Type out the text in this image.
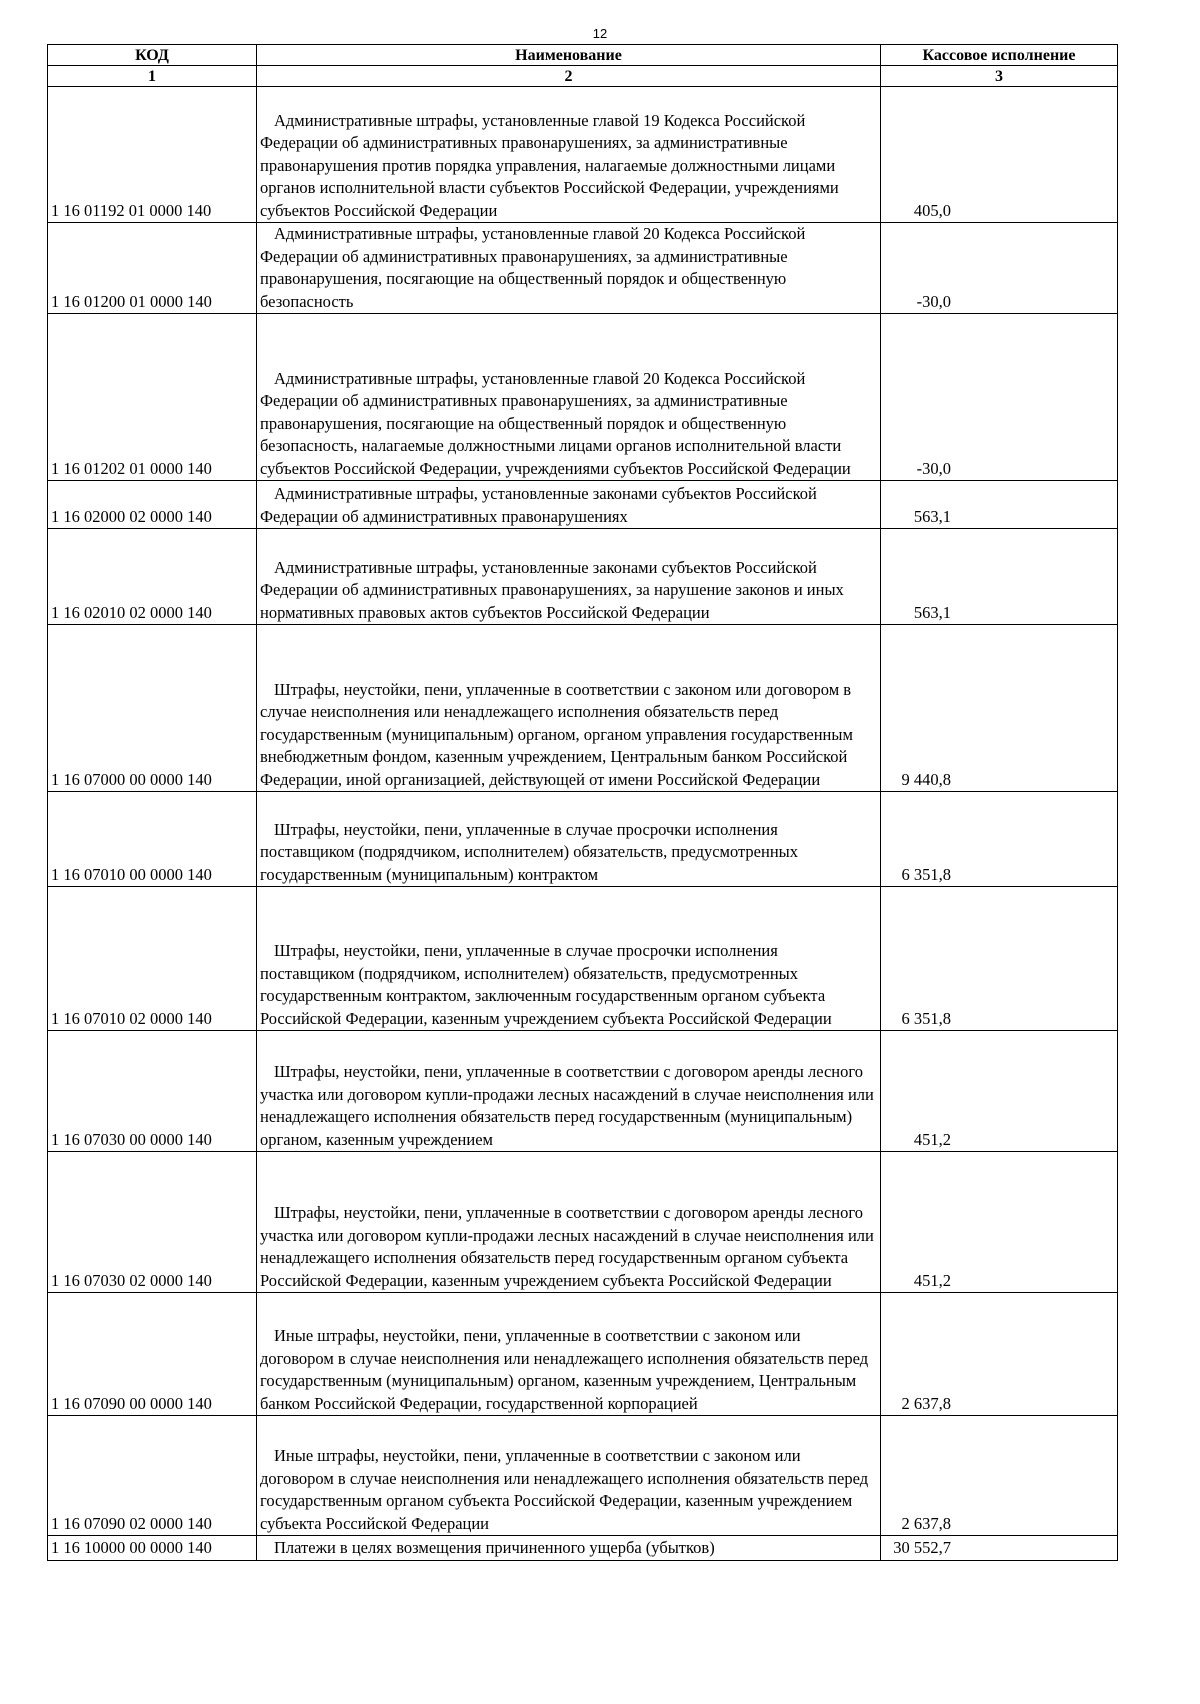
12
КОД	Наименование	Кассовое исполнение
1	2	3
1 16 01192 01 0000 140	Административные штрафы, установленные главой 19 Кодекса Российской Федерации об административных правонарушениях, за административные правонарушения против порядка управления, налагаемые должностными лицами органов исполнительной власти субъектов Российской Федерации, учреждениями субъектов Российской Федерации	405,0
1 16 01200 01 0000 140	Административные штрафы, установленные главой 20 Кодекса Российской Федерации об административных правонарушениях, за административные правонарушения, посягающие на общественный порядок и общественную безопасность	-30,0
1 16 01202 01 0000 140	Административные штрафы, установленные главой 20 Кодекса Российской Федерации об административных правонарушениях, за административные правонарушения, посягающие на общественный порядок и общественную безопасность, налагаемые должностными лицами органов исполнительной власти субъектов Российской Федерации, учреждениями субъектов Российской Федерации	-30,0
1 16 02000 02 0000 140	Административные штрафы, установленные законами субъектов Российской Федерации об административных правонарушениях	563,1
1 16 02010 02 0000 140	Административные штрафы, установленные законами субъектов Российской Федерации об административных правонарушениях, за нарушение законов и иных нормативных правовых актов субъектов Российской Федерации	563,1
1 16 07000 00 0000 140	Штрафы, неустойки, пени, уплаченные в соответствии с законом или договором в случае неисполнения или ненадлежащего исполнения обязательств перед государственным (муниципальным) органом, органом управления государственным внебюджетным фондом, казенным учреждением, Центральным банком Российской Федерации, иной организацией, действующей от имени Российской Федерации	9 440,8
1 16 07010 00 0000 140	Штрафы, неустойки, пени, уплаченные в случае просрочки исполнения поставщиком (подрядчиком, исполнителем) обязательств, предусмотренных государственным (муниципальным) контрактом	6 351,8
1 16 07010 02 0000 140	Штрафы, неустойки, пени, уплаченные в случае просрочки исполнения поставщиком (подрядчиком, исполнителем) обязательств, предусмотренных государственным контрактом, заключенным государственным органом субъекта Российской Федерации, казенным учреждением субъекта Российской Федерации	6 351,8
1 16 07030 00 0000 140	Штрафы, неустойки, пени, уплаченные в соответствии с договором аренды лесного участка или договором купли-продажи лесных насаждений в случае неисполнения или ненадлежащего исполнения обязательств перед государственным (муниципальным) органом, казенным учреждением	451,2
1 16 07030 02 0000 140	Штрафы, неустойки, пени, уплаченные в соответствии с договором аренды лесного участка или договором купли-продажи лесных насаждений в случае неисполнения или ненадлежащего исполнения обязательств перед государственным органом субъекта Российской Федерации, казенным учреждением субъекта Российской Федерации	451,2
1 16 07090 00 0000 140	Иные штрафы, неустойки, пени, уплаченные в соответствии с законом или договором в случае неисполнения или ненадлежащего исполнения обязательств перед государственным (муниципальным) органом, казенным учреждением, Центральным банком Российской Федерации, государственной корпорацией	2 637,8
1 16 07090 02 0000 140	Иные штрафы, неустойки, пени, уплаченные в соответствии с законом или договором в случае неисполнения или ненадлежащего исполнения обязательств перед государственным органом субъекта Российской Федерации, казенным учреждением субъекта Российской Федерации	2 637,8
1 16 10000 00 0000 140	Платежи в целях возмещения причиненного ущерба (убытков)	30 552,7
